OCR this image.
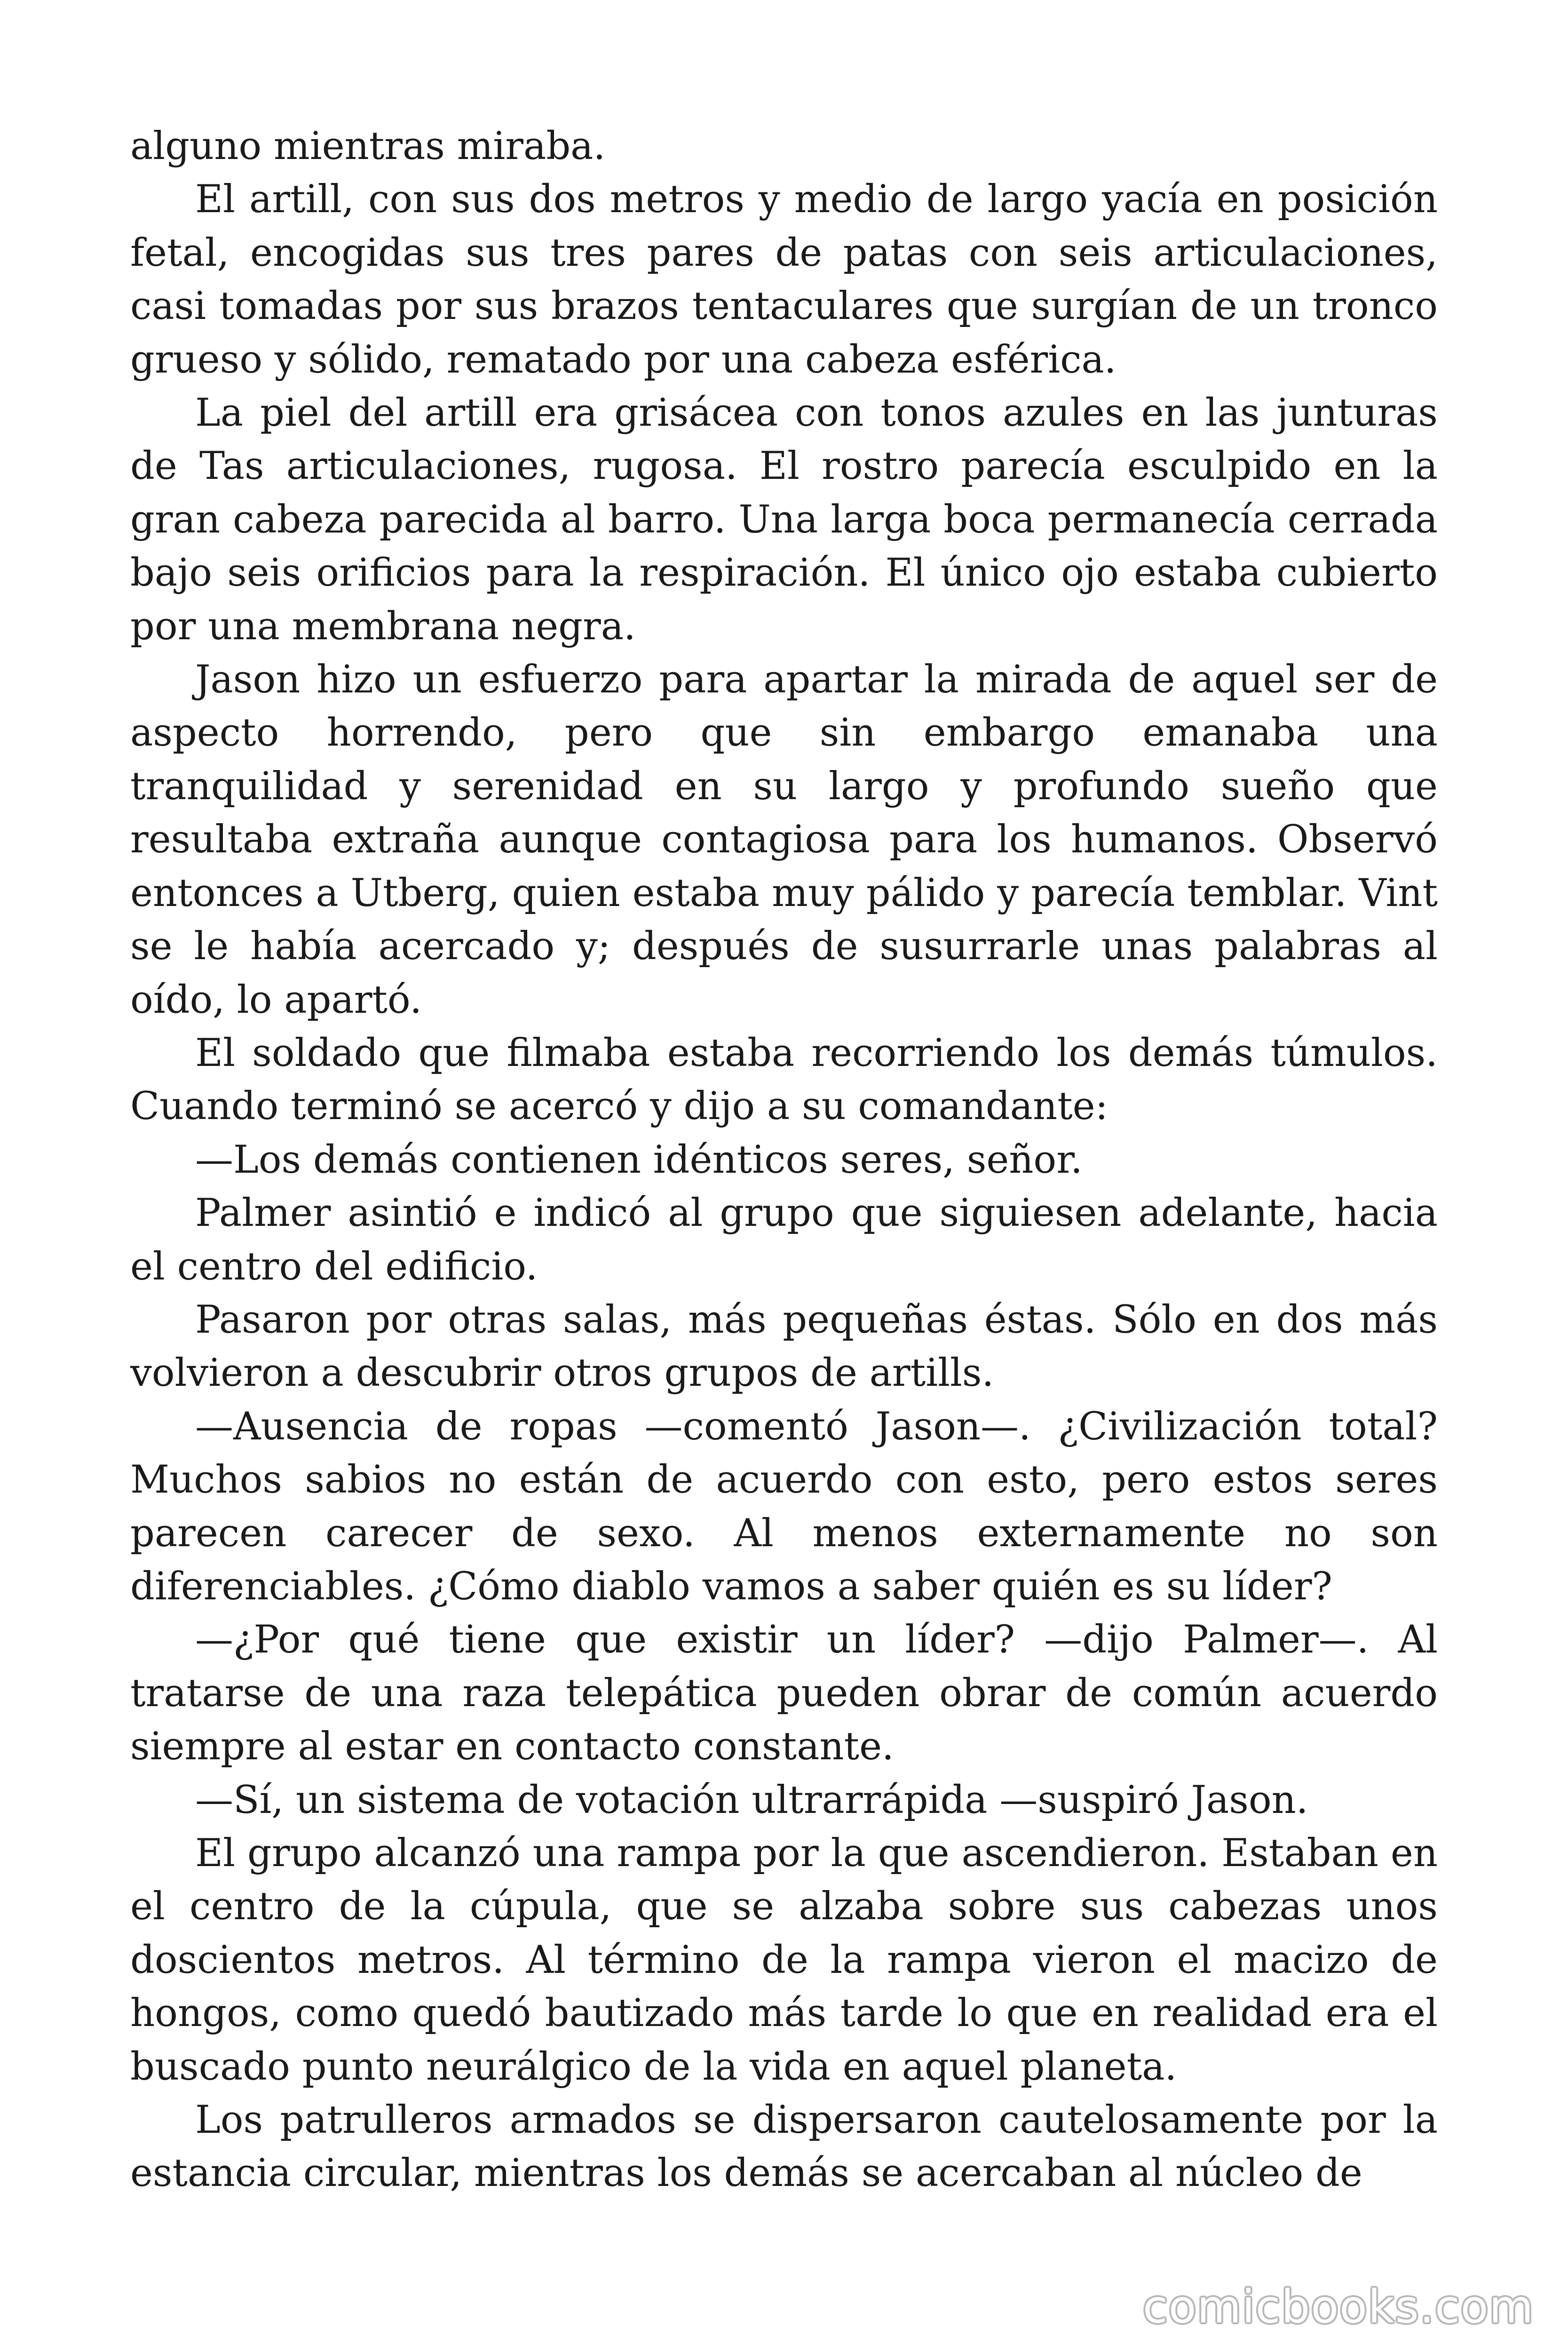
alguno mientras miraba.

El artill, con sus dos metros y medio de largo yacía en posición fetal, encogidas sus tres pares de patas con seis articulaciones, casi tomadas por sus brazos tentaculares que surgían de un tronco grueso y sólido, rematado por una cabeza esférica.

La piel del artill era grisácea con tonos azules en las junturas de Tas articulaciones, rugosa. El rostro parecía esculpido en la gran cabeza parecida al barro. Una larga boca permanecía cerrada bajo seis orificios para la respiración. El único ojo estaba cubierto por una membrana negra.

Jason hizo un esfuerzo para apartar la mirada de aquel ser de aspecto horrendo, pero que sin embargo emanaba una tranquilidad y serenidad en su largo y profundo sueño que resultaba extraña aunque contagiosa para los humanos. Observó entonces a Utberg, quien estaba muy pálido y parecía temblar. Vint se le había acercado y; después de susurrarle unas palabras al oído, lo apartó.

El soldado que filmaba estaba recorriendo los demás túmulos. Cuando terminó se acercó y dijo a su comandante:

—Los demás contienen idénticos seres, señor.

Palmer asintió e indicó al grupo que siguiesen adelante, hacia el centro del edificio.

Pasaron por otras salas, más pequeñas éstas. Sólo en dos más volvieron a descubrir otros grupos de artills.

—Ausencia de ropas —comentó Jason—. ¿Civilización total? Muchos sabios no están de acuerdo con esto, pero estos seres parecen carecer de sexo. Al menos externamente no son diferenciables. ¿Cómo diablo vamos a saber quién es su líder?

—¿Por qué tiene que existir un líder? —dijo Palmer—. Al tratarse de una raza telepática pueden obrar de común acuerdo siempre al estar en contacto constante.

—Sí, un sistema de votación ultrarrápida —suspiró Jason.

El grupo alcanzó una rampa por la que ascendieron. Estaban en el centro de la cúpula, que se alzaba sobre sus cabezas unos doscientos metros. Al término de la rampa vieron el macizo de hongos, como quedó bautizado más tarde lo que en realidad era el buscado punto neurálgico de la vida en aquel planeta.

Los patrulleros armados se dispersaron cautelosamente por la estancia circular, mientras los demás se acercaban al núcleo de

comicbooks.com
